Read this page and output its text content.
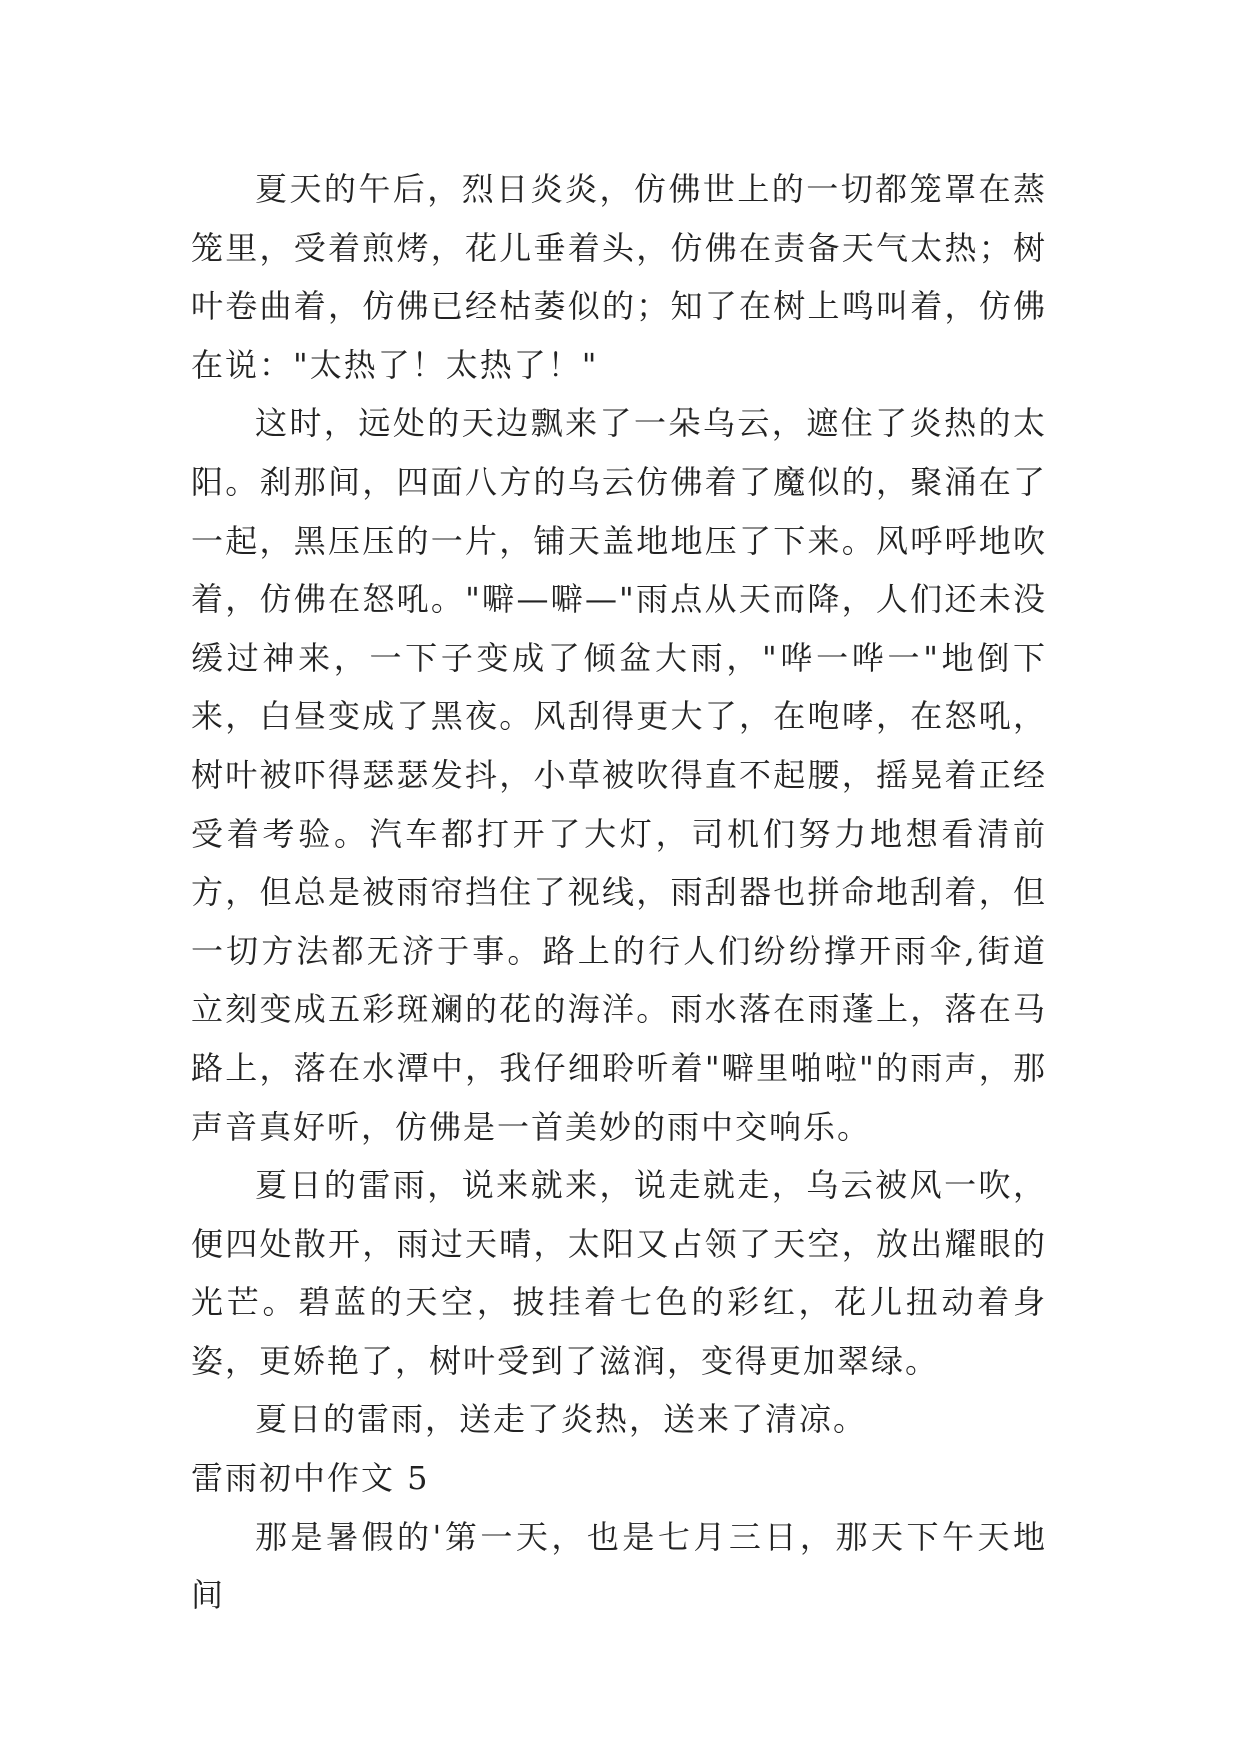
夏天的午后，烈日炎炎，仿佛世上的一切都笼罩在蒸笼里，受着煎烤，花儿垂着头，仿佛在责备天气太热；树叶卷曲着，仿佛已经枯萎似的；知了在树上鸣叫着，仿佛在说："太热了！太热了！"

这时，远处的天边飘来了一朵乌云，遮住了炎热的太阳。刹那间，四面八方的乌云仿佛着了魔似的，聚涌在了一起，黑压压的一片，铺天盖地地压了下来。风呼呼地吹着，仿佛在怒吼。"噼—噼—"雨点从天而降，人们还未没缓过神来，一下子变成了倾盆大雨，"哗一哗一"地倒下来，白昼变成了黑夜。风刮得更大了，在咆哮，在怒吼，树叶被吓得瑟瑟发抖，小草被吹得直不起腰，摇晃着正经受着考验。汽车都打开了大灯，司机们努力地想看清前方，但总是被雨帘挡住了视线，雨刮器也拼命地刮着，但一切方法都无济于事。路上的行人们纷纷撑开雨伞,街道立刻变成五彩斑斓的花的海洋。雨水落在雨蓬上，落在马路上，落在水潭中，我仔细聆听着"噼里啪啦"的雨声，那声音真好听，仿佛是一首美妙的雨中交响乐。

夏日的雷雨，说来就来，说走就走，乌云被风一吹，便四处散开，雨过天晴，太阳又占领了天空，放出耀眼的光芒。碧蓝的天空，披挂着七色的彩红，花儿扭动着身姿，更娇艳了，树叶受到了滋润，变得更加翠绿。

夏日的雷雨，送走了炎热，送来了清凉。

雷雨初中作文 5

那是暑假的'第一天，也是七月三日，那天下午天地间
